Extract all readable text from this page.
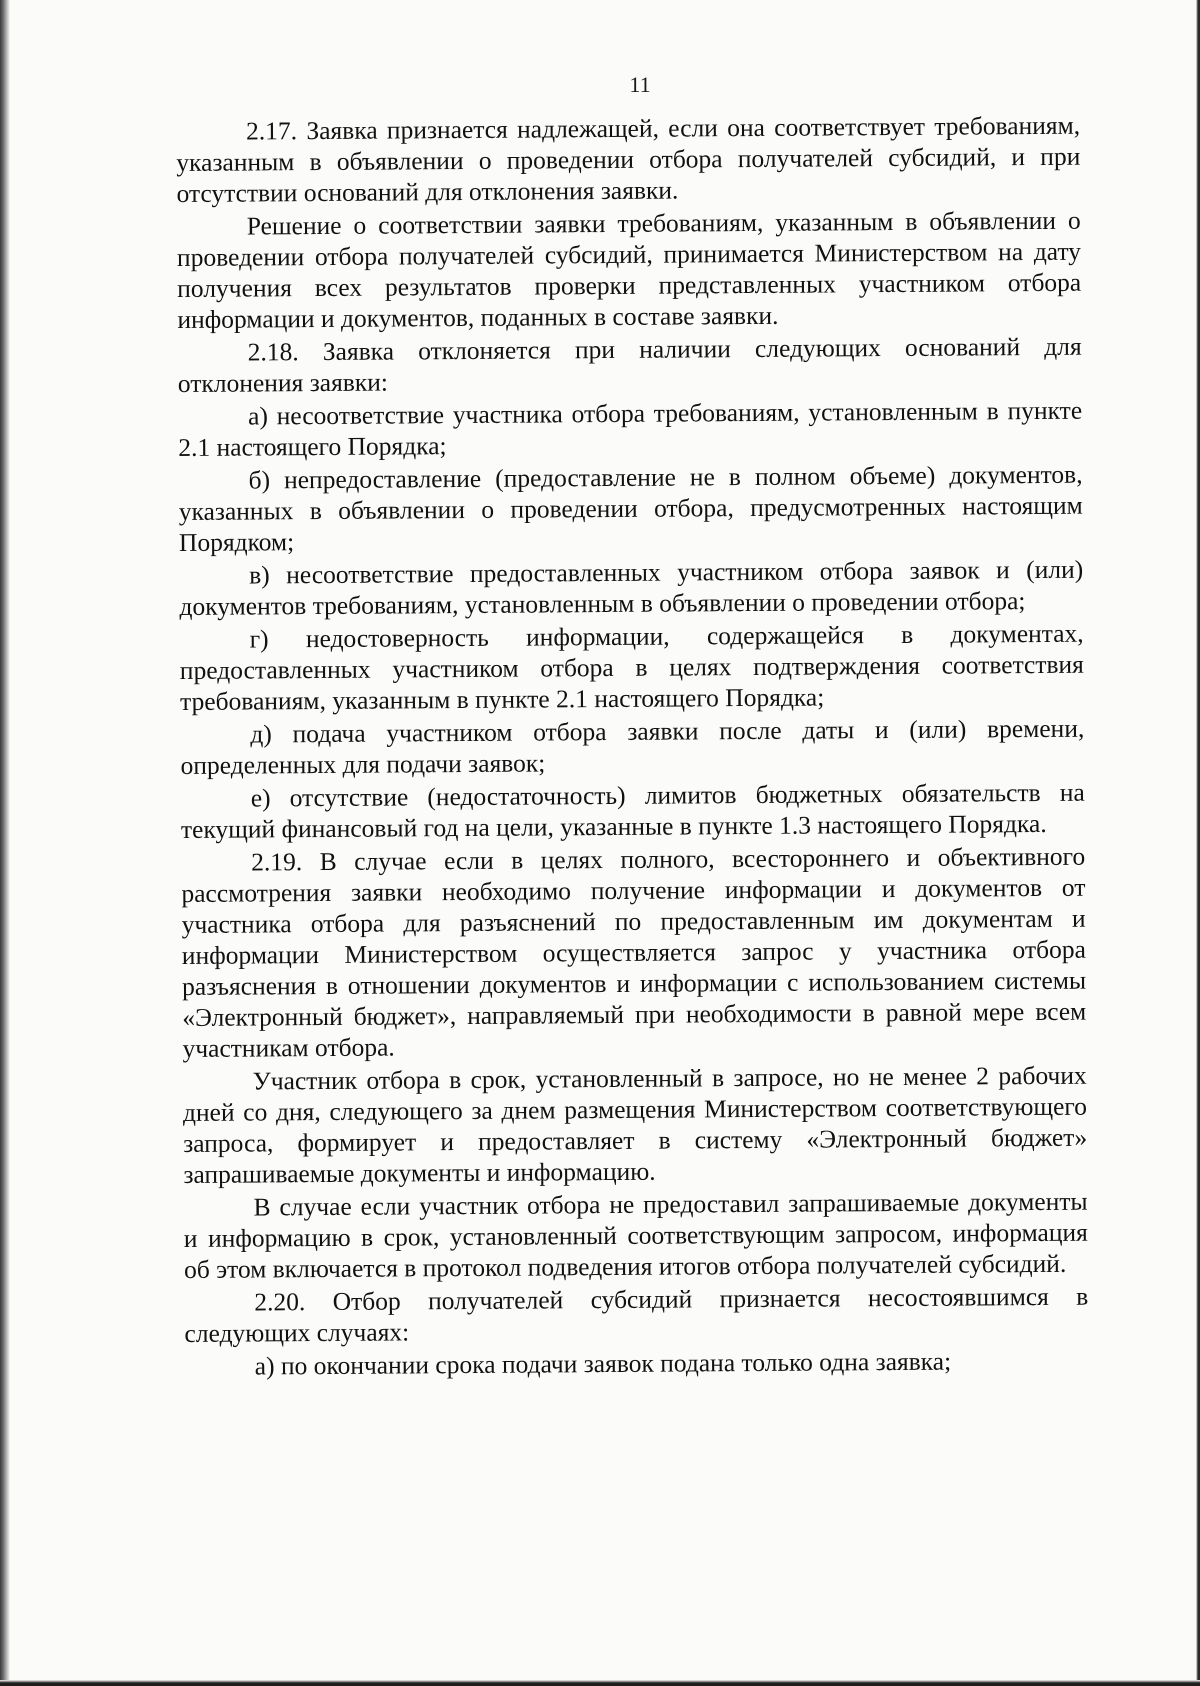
11

2.17. Заявка признается надлежащей, если она соответствует требованиям, указанным в объявлении о проведении отбора получателей субсидий, и при отсутствии оснований для отклонения заявки.

Решение о соответствии заявки требованиям, указанным в объявлении о проведении отбора получателей субсидий, принимается Министерством на дату получения всех результатов проверки представленных участником отбора информации и документов, поданных в составе заявки.

2.18. Заявка отклоняется при наличии следующих оснований для отклонения заявки:

а) несоответствие участника отбора требованиям, установленным в пункте 2.1 настоящего Порядка;

б) непредоставление (предоставление не в полном объеме) документов, указанных в объявлении о проведении отбора, предусмотренных настоящим Порядком;

в) несоответствие предоставленных участником отбора заявок и (или) документов требованиям, установленным в объявлении о проведении отбора;

г) недостоверность информации, содержащейся в документах, предоставленных участником отбора в целях подтверждения соответствия требованиям, указанным в пункте 2.1 настоящего Порядка;

д) подача участником отбора заявки после даты и (или) времени, определенных для подачи заявок;

е) отсутствие (недостаточность) лимитов бюджетных обязательств на текущий финансовый год на цели, указанные в пункте 1.3 настоящего Порядка.

2.19. В случае если в целях полного, всестороннего и объективного рассмотрения заявки необходимо получение информации и документов от участника отбора для разъяснений по предоставленным им документам и информации Министерством осуществляется запрос у участника отбора разъяснения в отношении документов и информации с использованием системы «Электронный бюджет», направляемый при необходимости в равной мере всем участникам отбора.

Участник отбора в срок, установленный в запросе, но не менее 2 рабочих дней со дня, следующего за днем размещения Министерством соответствующего запроса, формирует и предоставляет в систему «Электронный бюджет» запрашиваемые документы и информацию.

В случае если участник отбора не предоставил запрашиваемые документы и информацию в срок, установленный соответствующим запросом, информация об этом включается в протокол подведения итогов отбора получателей субсидий.

2.20. Отбор получателей субсидий признается несостоявшимся в следующих случаях:

а) по окончании срока подачи заявок подана только одна заявка;
